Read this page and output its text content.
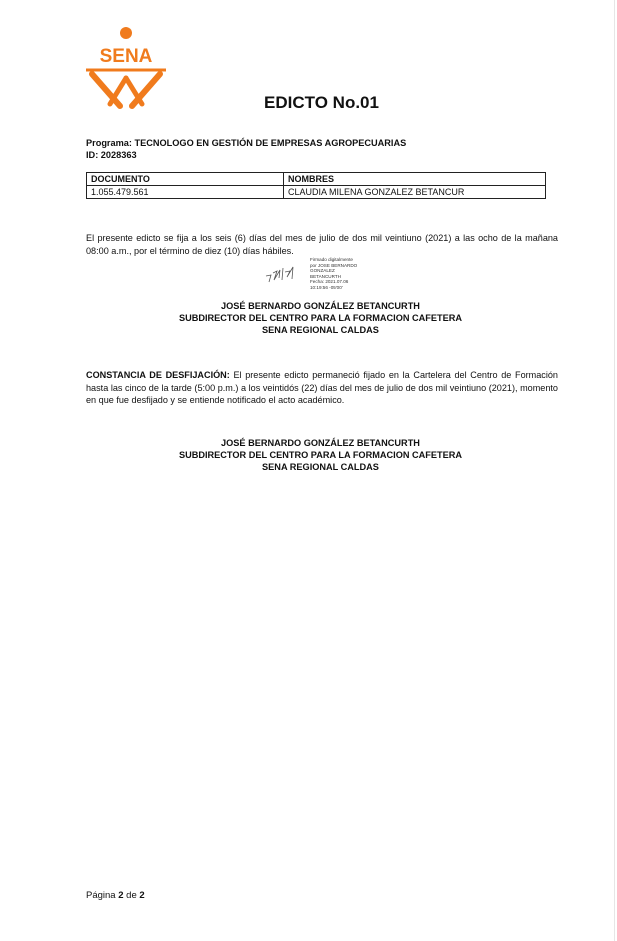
SENA
EDICTO No.01
Programa: TECNOLOGO EN GESTIÓN DE EMPRESAS AGROPECUARIAS
ID: 2028363
DOCUMENTO	NOMBRES
1.055.479.561	CLAUDIA MILENA GONZALEZ BETANCUR
El presente edicto se fija a los seis (6) días del mes de julio de dos mil veintiuno (2021) a las ocho de la mañana 08:00 a.m., por el término de diez (10) días hábiles.
Firmado digitalmente
por JOSE BERNARDO
GONZALEZ
BETANCURTH
Fecha: 2021.07.06
10:19:56 -05'00'
JOSÉ BERNARDO GONZÁLEZ BETANCURTH
SUBDIRECTOR DEL CENTRO PARA LA FORMACION CAFETERA
SENA REGIONAL CALDAS
CONSTANCIA DE DESFIJACIÓN: El presente edicto permaneció fijado en la Cartelera del Centro de Formación hasta las cinco de la tarde (5:00 p.m.) a los veintidós (22) días del mes de julio de dos mil veintiuno (2021), momento en que fue desfijado y se entiende notificado el acto académico.
JOSÉ BERNARDO GONZÁLEZ BETANCURTH
SUBDIRECTOR DEL CENTRO PARA LA FORMACION CAFETERA
SENA REGIONAL CALDAS
Página 2 de 2
